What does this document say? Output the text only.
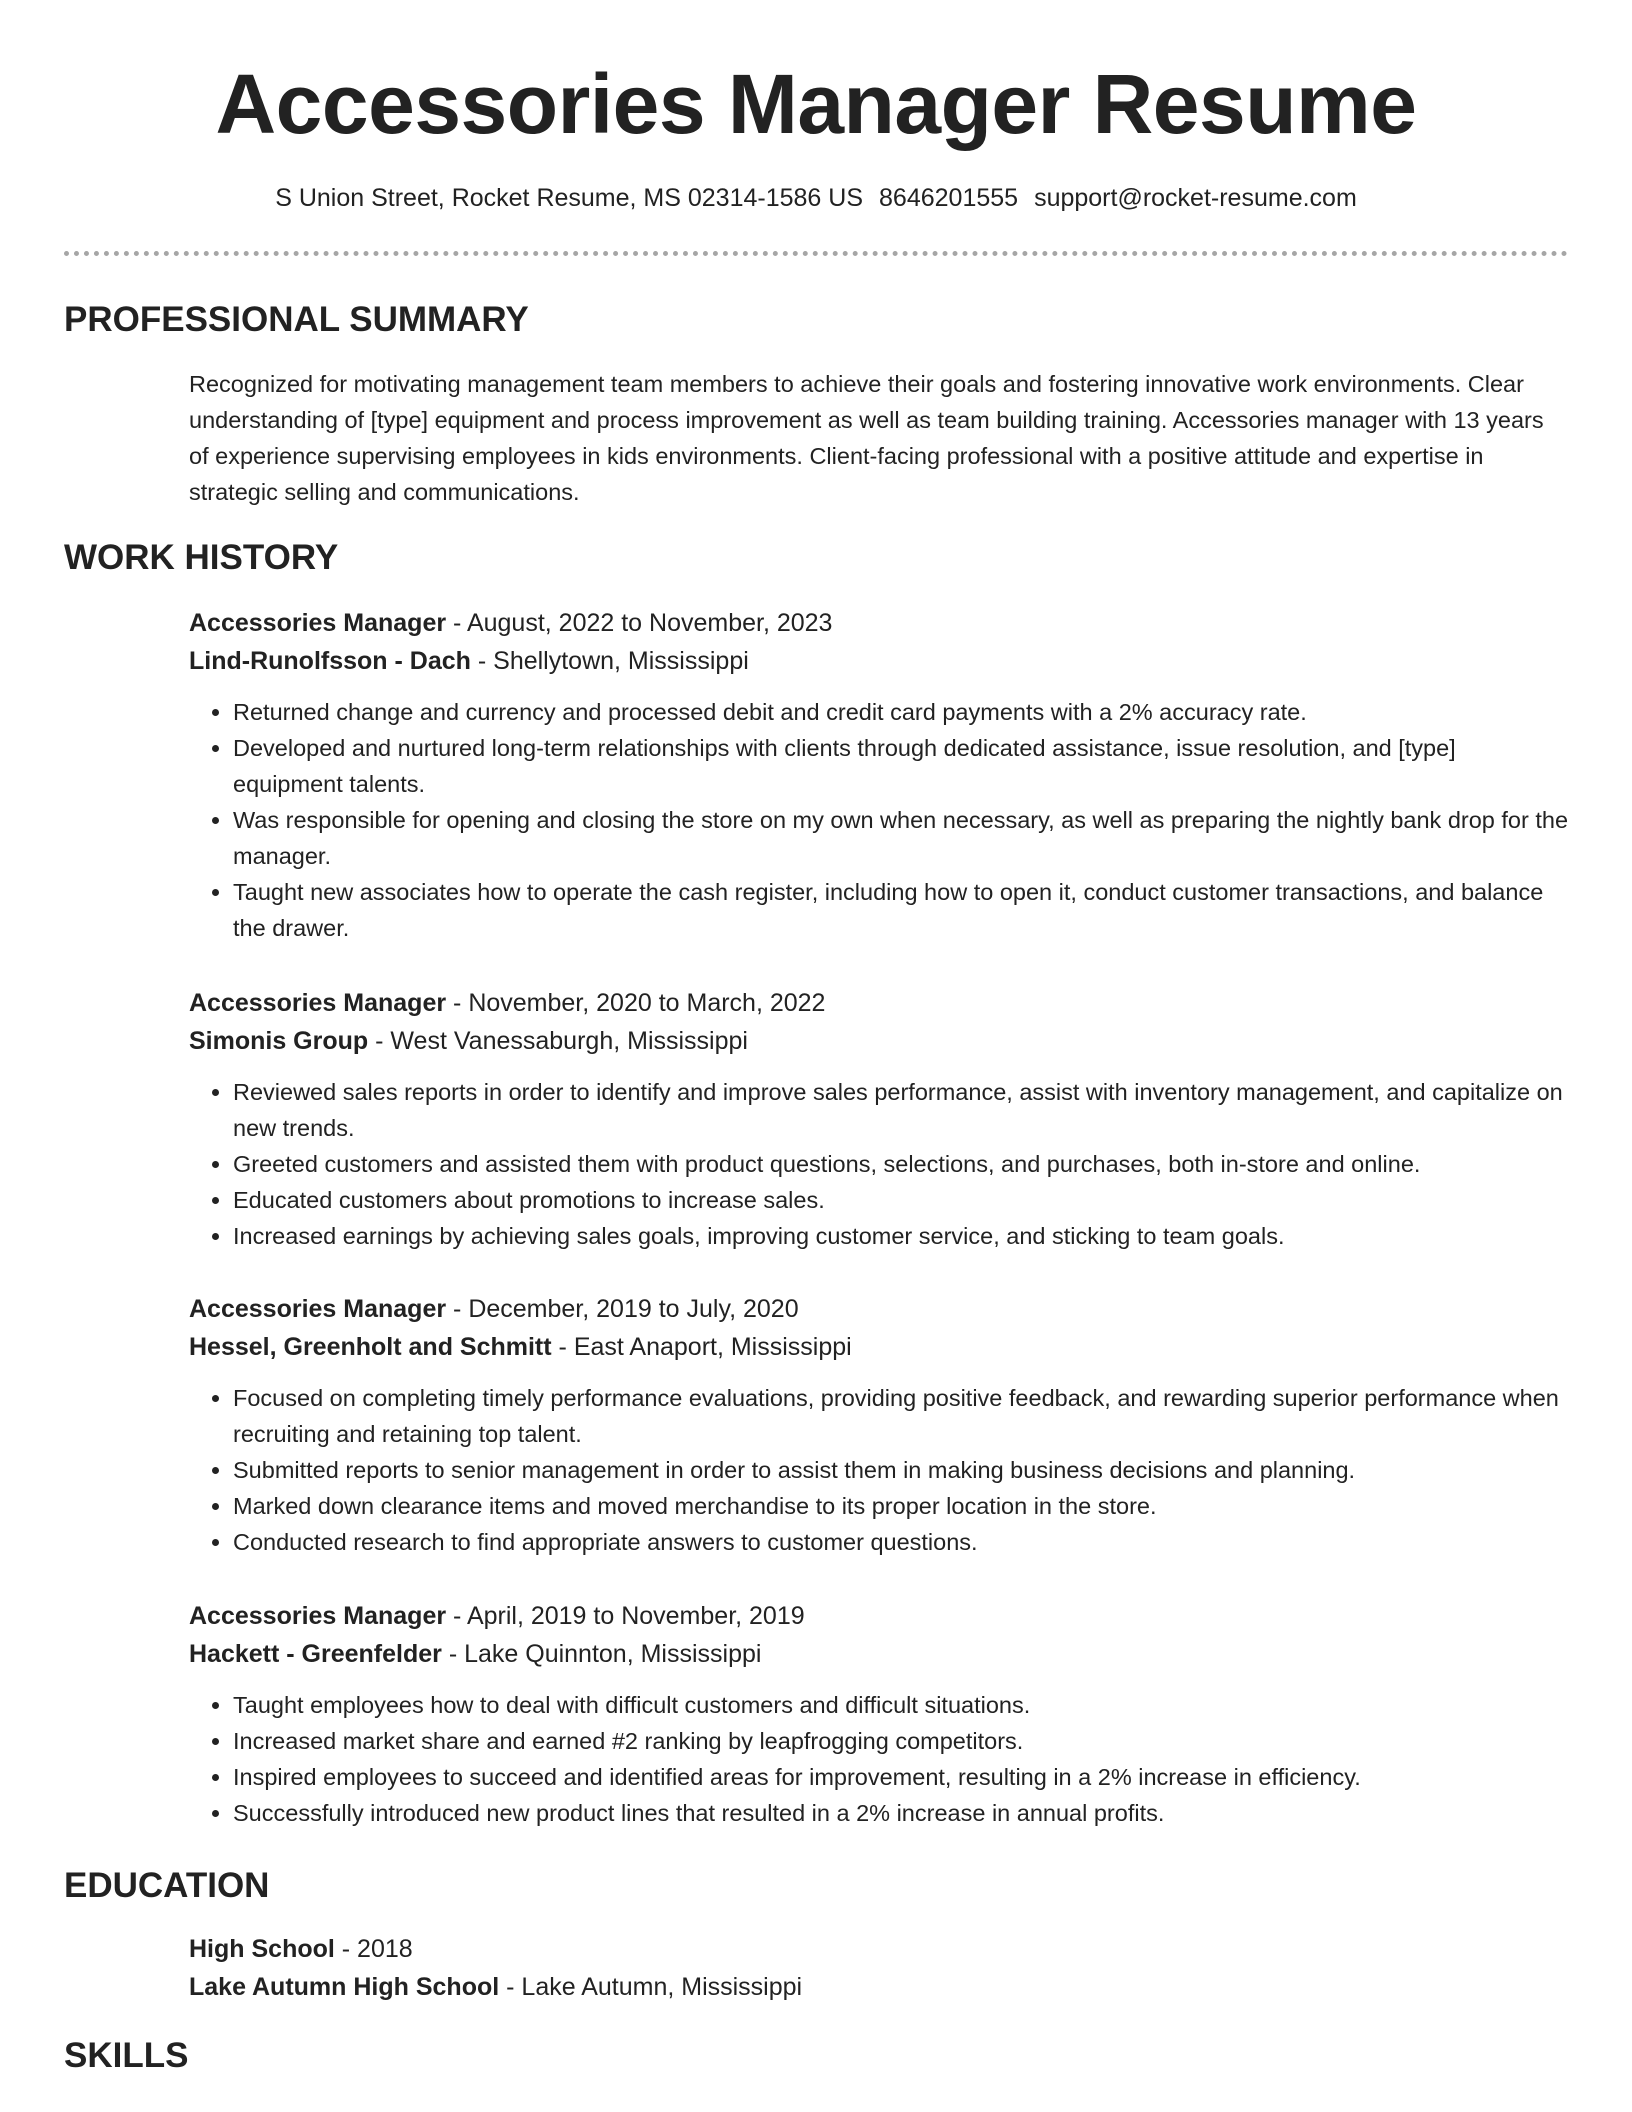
Accessories Manager Resume
S Union Street, Rocket Resume, MS 02314-1586 US 8646201555 support@rocket-resume.com
PROFESSIONAL SUMMARY

Recognized for motivating management team members to achieve their goals and fostering innovative work environments. Clear understanding of [type] equipment and process improvement as well as team building training. Accessories manager with 13 years of experience supervising employees in kids environments. Client-facing professional with a positive attitude and expertise in strategic selling and communications.

WORK HISTORY

Accessories Manager - August, 2022 to November, 2023

Lind-Runolfsson - Dach - Shellytown, Mississippi

• Returned change and currency and processed debit and credit card payments with a 2% accuracy rate.
• Developed and nurtured long-term relationships with clients through dedicated assistance, issue resolution, and [type] equipment talents.
• Was responsible for opening and closing the store on my own when necessary, as well as preparing the nightly bank drop for the manager.
• Taught new associates how to operate the cash register, including how to open it, conduct customer transactions, and balance the drawer.

Accessories Manager - November, 2020 to March, 2022

Simonis Group - West Vanessaburgh, Mississippi

• Reviewed sales reports in order to identify and improve sales performance, assist with inventory management, and capitalize on new trends.
• Greeted customers and assisted them with product questions, selections, and purchases, both in-store and online.
• Educated customers about promotions to increase sales.
• Increased earnings by achieving sales goals, improving customer service, and sticking to team goals.

Accessories Manager - December, 2019 to July, 2020

Hessel, Greenholt and Schmitt - East Anaport, Mississippi

• Focused on completing timely performance evaluations, providing positive feedback, and rewarding superior performance when recruiting and retaining top talent.
• Submitted reports to senior management in order to assist them in making business decisions and planning.
• Marked down clearance items and moved merchandise to its proper location in the store.
• Conducted research to find appropriate answers to customer questions.

Accessories Manager - April, 2019 to November, 2019

Hackett - Greenfelder - Lake Quinnton, Mississippi

• Taught employees how to deal with difficult customers and difficult situations.
• Increased market share and earned #2 ranking by leapfrogging competitors.
• Inspired employees to succeed and identified areas for improvement, resulting in a 2% increase in efficiency.
• Successfully introduced new product lines that resulted in a 2% increase in annual profits.
EDUCATION

High School - 2018

Lake Autumn High School - Lake Autumn, Mississippi

SKILLS
